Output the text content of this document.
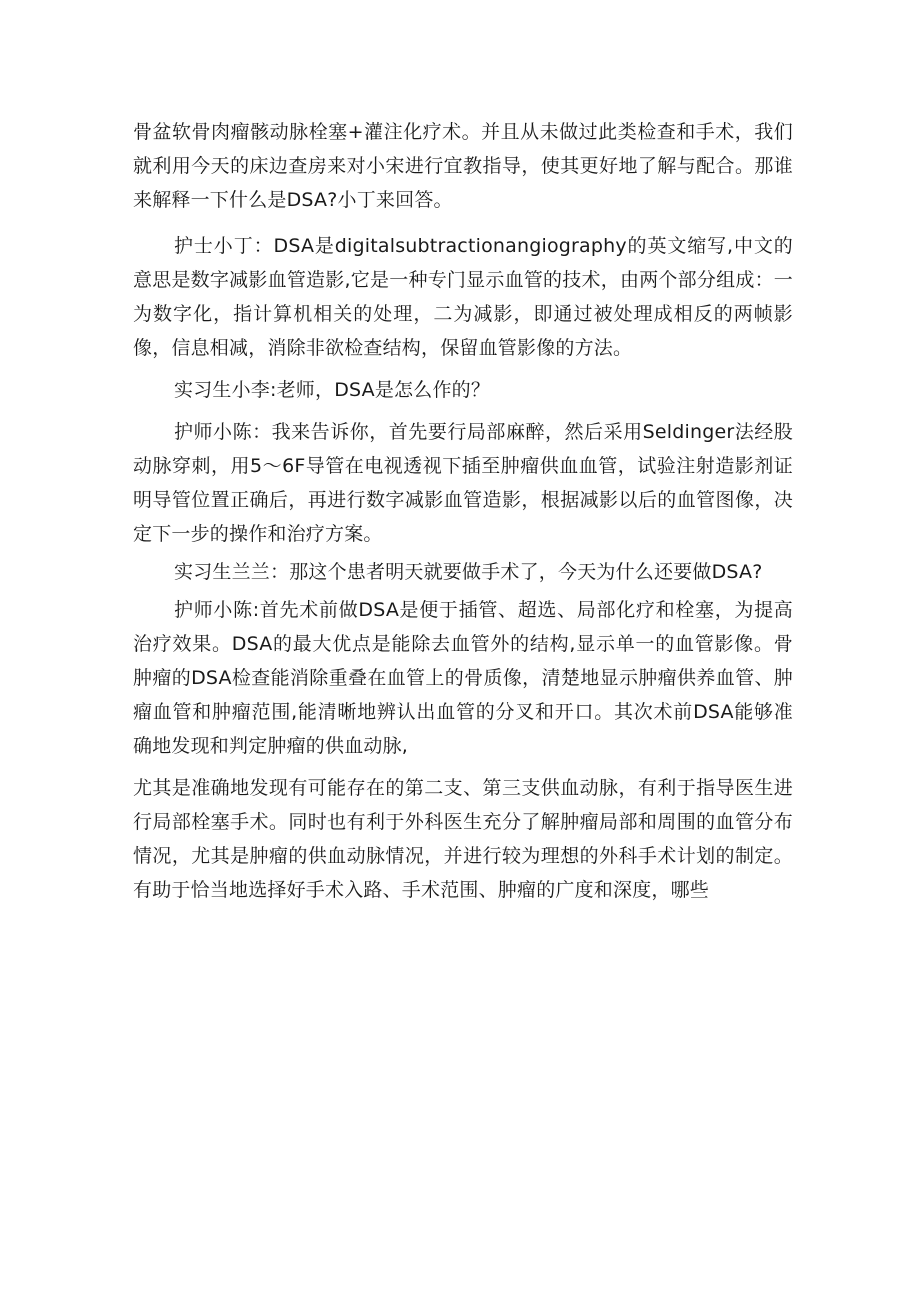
骨盆软骨肉瘤骸动脉栓塞+灌注化疗术。并且从未做过此类检查和手术，我们就利用今天的床边查房来对小宋进行宜教指导，使其更好地了解与配合。那谁来解释一下什么是DSA?小丁来回答。

护士小丁：DSA是digitalsubtractionangiography的英文缩写,中文的意思是数字减影血管造影,它是一种专门显示血管的技术，由两个部分组成：一为数字化，指计算机相关的处理，二为减影，即通过被处理成相反的两帧影像，信息相减，消除非欲检查结构，保留血管影像的方法。

实习生小李:老师，DSA是怎么作的？

护师小陈：我来告诉你，首先要行局部麻醉，然后采用Seldinger法经股动脉穿刺，用5～6F导管在电视透视下插至肿瘤供血血管，试验注射造影剂证明导管位置正确后，再进行数字减影血管造影，根据减影以后的血管图像，决定下一步的操作和治疗方案。

实习生兰兰：那这个患者明天就要做手术了，今天为什么还要做DSA?

护师小陈:首先术前做DSA是便于插管、超选、局部化疗和栓塞，为提高治疗效果。DSA的最大优点是能除去血管外的结构,显示单一的血管影像。骨肿瘤的DSA检查能消除重叠在血管上的骨质像，清楚地显示肿瘤供养血管、肿瘤血管和肿瘤范围,能清晰地辨认出血管的分叉和开口。其次术前DSA能够准确地发现和判定肿瘤的供血动脉,

尤其是准确地发现有可能存在的第二支、第三支供血动脉，有利于指导医生进行局部栓塞手术。同时也有利于外科医生充分了解肿瘤局部和周围的血管分布情况，尤其是肿瘤的供血动脉情况，并进行较为理想的外科手术计划的制定。有助于恰当地选择好手术入路、手术范围、肿瘤的广度和深度，哪些
